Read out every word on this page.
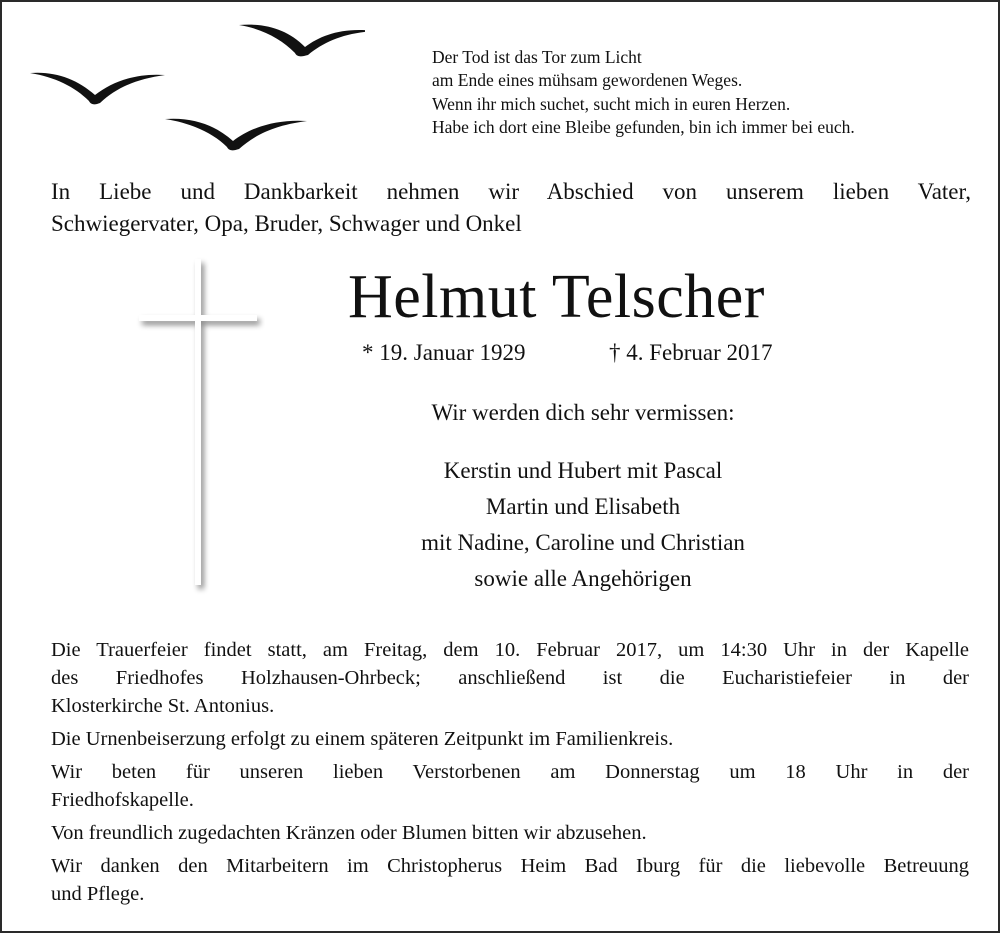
Der Tod ist das Tor zum Licht
am Ende eines mühsam gewordenen Weges.
Wenn ihr mich suchet, sucht mich in euren Herzen.
Habe ich dort eine Bleibe gefunden, bin ich immer bei euch.
In Liebe und Dankbarkeit nehmen wir Abschied von unserem lieben Vater,
Schwiegervater, Opa, Bruder, Schwager und Onkel
Helmut Telscher
* 19. Januar 1929	† 4. Februar 2017
Wir werden dich sehr vermissen:
Kerstin und Hubert mit Pascal
Martin und Elisabeth
mit Nadine, Caroline und Christian
sowie alle Angehörigen

Die Trauerfeier findet statt, am Freitag, dem 10. Februar 2017, um 14:30 Uhr in der Kapelle
des Friedhofes Holzhausen-Ohrbeck; anschließend ist die Eucharistiefeier in der
Klosterkirche St. Antonius.

Die Urnenbeiserzung erfolgt zu einem späteren Zeitpunkt im Familienkreis.

Wir beten für unseren lieben Verstorbenen am Donnerstag um 18 Uhr in der
Friedhofskapelle.

Von freundlich zugedachten Kränzen oder Blumen bitten wir abzusehen.

Wir danken den Mitarbeitern im Christopherus Heim Bad Iburg für die liebevolle Betreuung
und Pflege.
